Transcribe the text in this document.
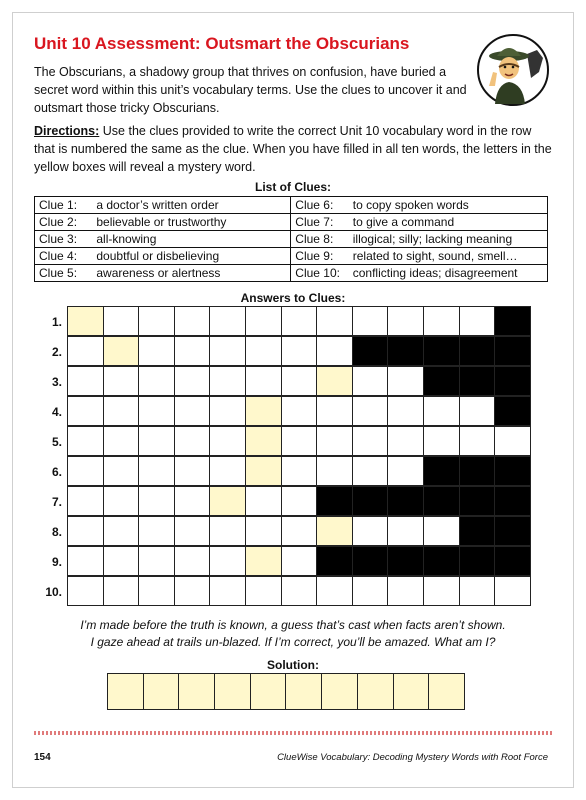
Unit 10 Assessment: Outsmart the Obscurians
The Obscurians, a shadowy group that thrives on confusion, have buried a secret word within this unit’s vocabulary terms. Use the clues to uncover it and outsmart those tricky Obscurians.
Directions: Use the clues provided to write the correct Unit 10 vocabulary word in the row that is numbered the same as the clue. When you have filled in all ten words, the letters in the yellow boxes will reveal a mystery word.
List of Clues:
Clue 1:	a doctor’s written order	Clue 6:	to copy spoken words
Clue 2:	believable or trustworthy	Clue 7:	to give a command
Clue 3:	all-knowing	Clue 8:	illogical; silly; lacking meaning
Clue 4:	doubtful or disbelieving	Clue 9:	related to sight, sound, smell…
Clue 5:	awareness or alertness	Clue 10:	conflicting ideas; disagreement
Answers to Clues:
1.
2.
3.
4.
5.
6.
7.
8.
9.
10.
I’m made before the truth is known, a guess that’s cast when facts aren’t shown.
I gaze ahead at trails un-blazed. If I’m correct, you’ll be amazed. What am I?
Solution:
154	ClueWise Vocabulary: Decoding Mystery Words with Root Force
